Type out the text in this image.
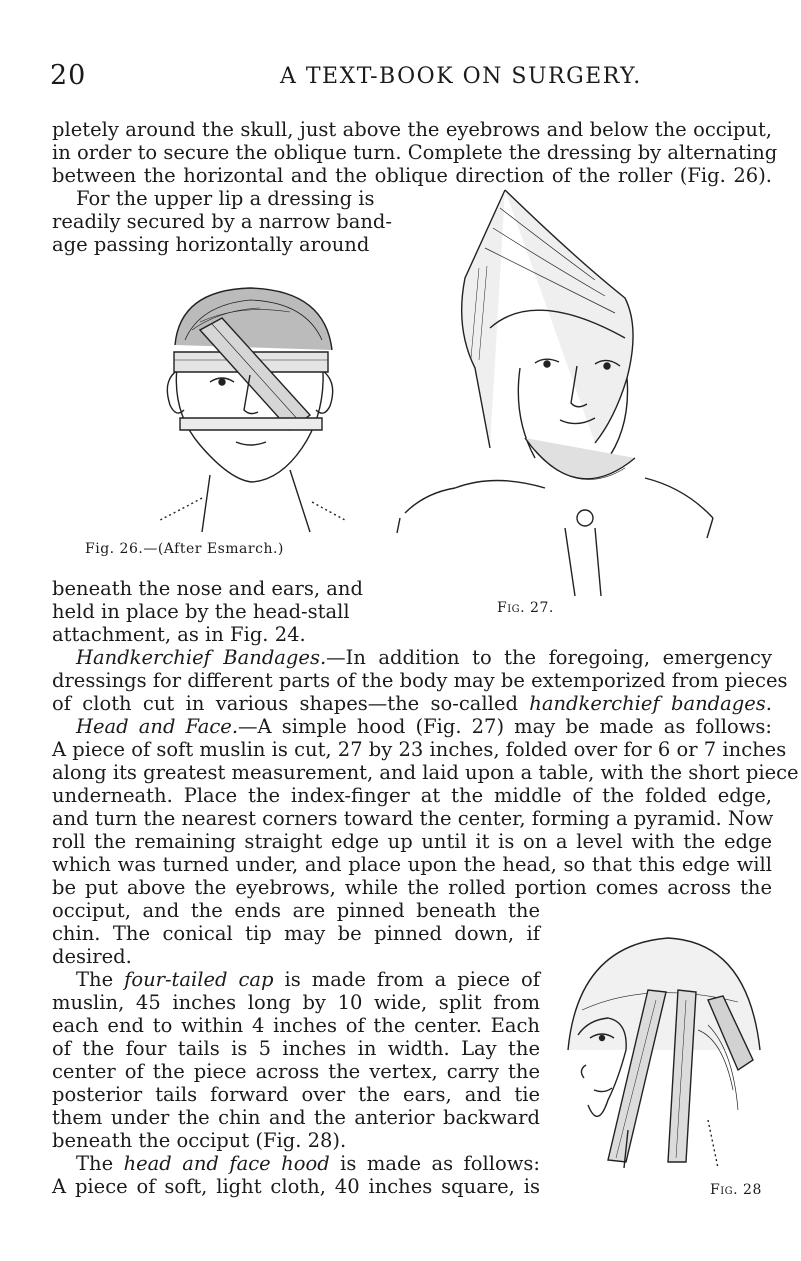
20	A TEXT-BOOK ON SURGERY.
pletely around the skull, just above the eyebrows and below the occiput,
in order to secure the oblique turn. Complete the dressing by alternating
between the horizontal and the oblique direction of the roller (Fig. 26).
For the upper lip a dressing is
readily secured by a narrow band-
age passing horizontally around
Fig. 26.—(After Esmarch.)
Fig. 27.
beneath the nose and ears, and
held in place by the head-stall
attachment, as in Fig. 24.
Handkerchief Bandages.—In addition to the foregoing, emergency
dressings for different parts of the body may be extemporized from pieces
of cloth cut in various shapes—the so-called handkerchief bandages.
Head and Face.—A simple hood (Fig. 27) may be made as follows:
A piece of soft muslin is cut, 27 by 23 inches, folded over for 6 or 7 inches
along its greatest measurement, and laid upon a table, with the short piece
underneath. Place the index-finger at the middle of the folded edge,
and turn the nearest corners toward the center, forming a pyramid. Now
roll the remaining straight edge up until it is on a level with the edge
which was turned under, and place upon the head, so that this edge will
be put above the eyebrows, while the rolled portion comes across the
occiput, and the ends are pinned beneath the
chin. The conical tip may be pinned down, if
desired.
The four-tailed cap is made from a piece of
muslin, 45 inches long by 10 wide, split from
each end to within 4 inches of the center. Each
of the four tails is 5 inches in width. Lay the
center of the piece across the vertex, carry the
posterior tails forward over the ears, and tie
them under the chin and the anterior backward
beneath the occiput (Fig. 28).
The head and face hood is made as follows:
A piece of soft, light cloth, 40 inches square, is	Fig. 28
